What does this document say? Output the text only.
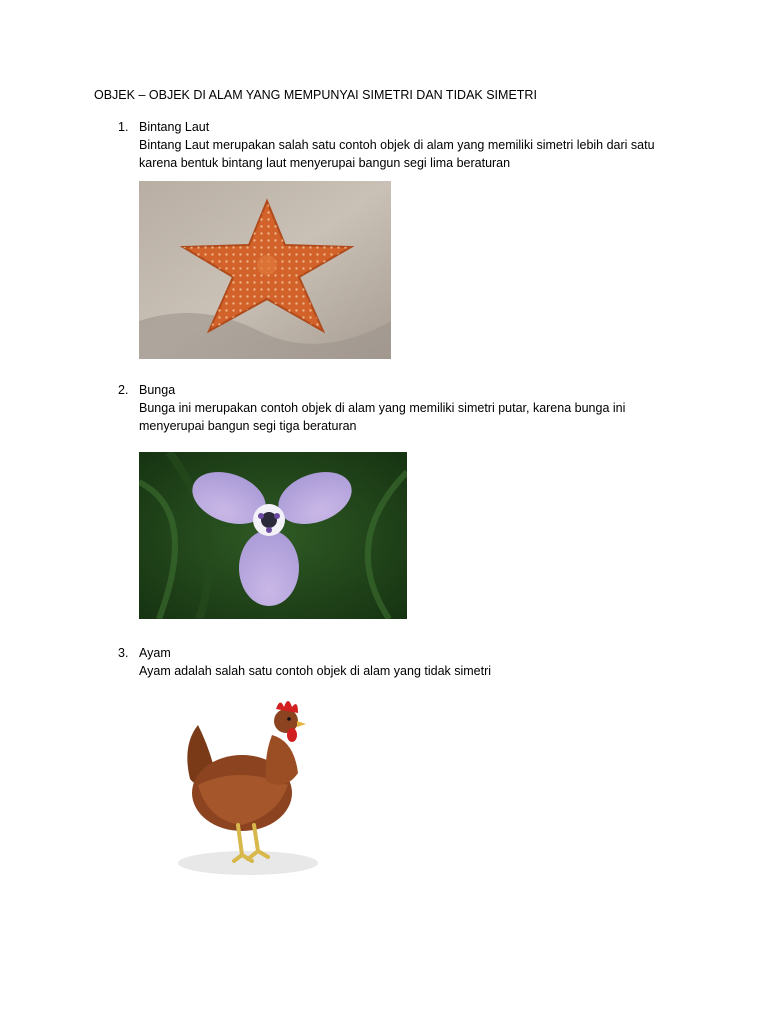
OBJEK – OBJEK DI ALAM YANG MEMPUNYAI SIMETRI DAN TIDAK SIMETRI
1. Bintang Laut
Bintang Laut merupakan salah satu contoh objek di alam yang memiliki simetri lebih dari satu karena bentuk bintang laut menyerupai bangun segi lima beraturan
2. Bunga
Bunga ini merupakan contoh objek di alam yang memiliki simetri putar, karena bunga ini menyerupai bangun segi tiga beraturan
3. Ayam
Ayam adalah salah satu contoh objek di alam yang tidak simetri
